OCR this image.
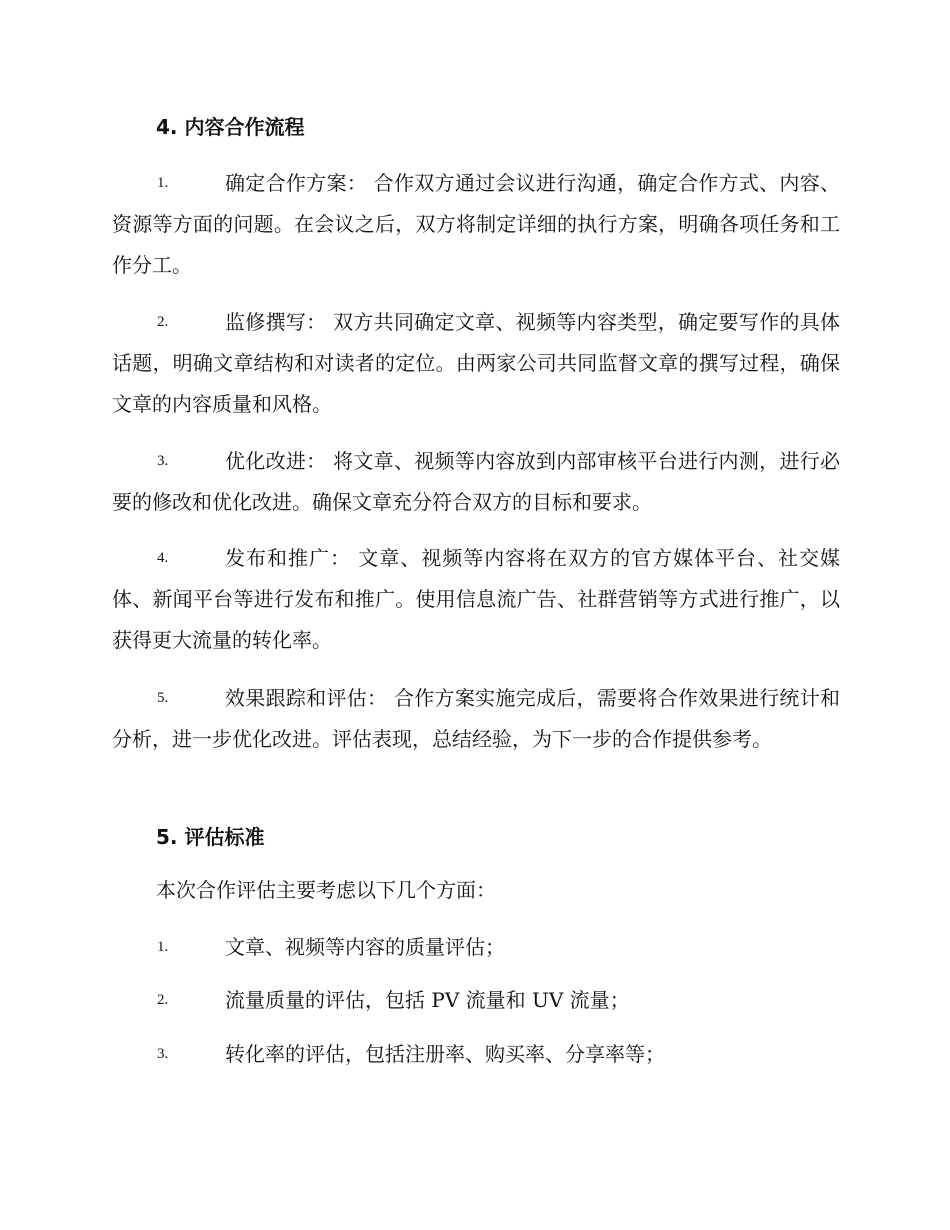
4. 内容合作流程
1.	确定合作方案： 合作双方通过会议进行沟通，确定合作方式、内容、资源等方面的问题。在会议之后，双方将制定详细的执行方案，明确各项任务和工作分工。
2.	监修撰写： 双方共同确定文章、视频等内容类型，确定要写作的具体话题，明确文章结构和对读者的定位。由两家公司共同监督文章的撰写过程，确保文章的内容质量和风格。
3.	优化改进： 将文章、视频等内容放到内部审核平台进行内测，进行必要的修改和优化改进。确保文章充分符合双方的目标和要求。
4.	发布和推广： 文章、视频等内容将在双方的官方媒体平台、社交媒体、新闻平台等进行发布和推广。使用信息流广告、社群营销等方式进行推广，以获得更大流量的转化率。
5.	效果跟踪和评估： 合作方案实施完成后，需要将合作效果进行统计和分析，进一步优化改进。评估表现，总结经验，为下一步的合作提供参考。
5. 评估标准
本次合作评估主要考虑以下几个方面：
1.	文章、视频等内容的质量评估；
2.	流量质量的评估，包括 PV 流量和 UV 流量；
3.	转化率的评估，包括注册率、购买率、分享率等；
